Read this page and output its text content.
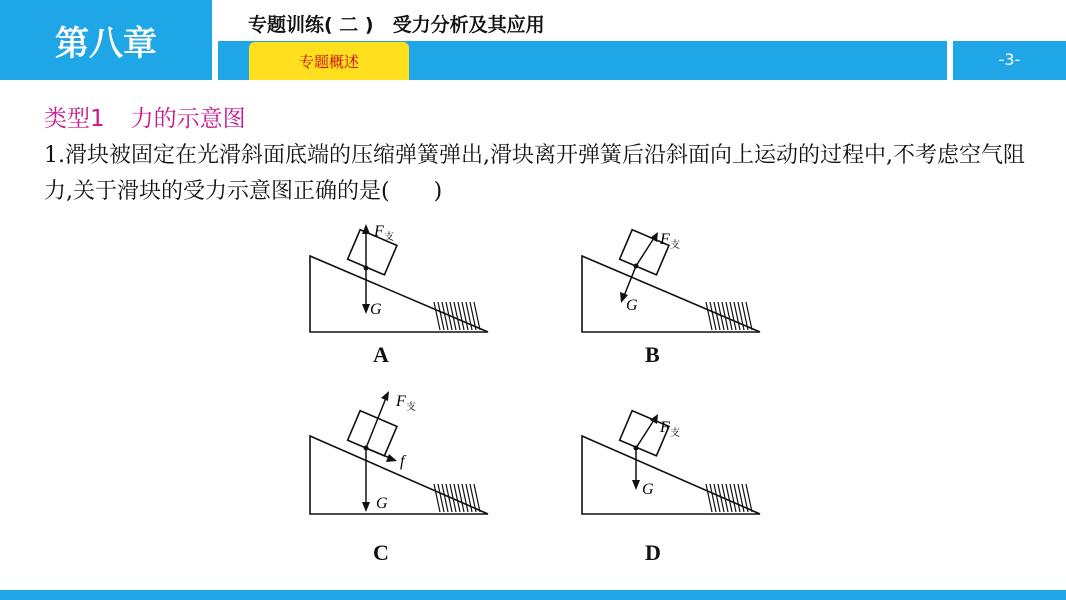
第八章	专题训练( 二 )　受力分析及其应用
专题概述	-3-
类型1 力的示意图
1.滑块被固定在光滑斜面底端的压缩弹簧弹出,滑块离开弹簧后沿斜面向上运动的过程中,不考虑空气阻力,关于滑块的受力示意图正确的是(　　)
F 支
G
A
F 支
G
B
F 支
f
G
C
F 支
G
D
